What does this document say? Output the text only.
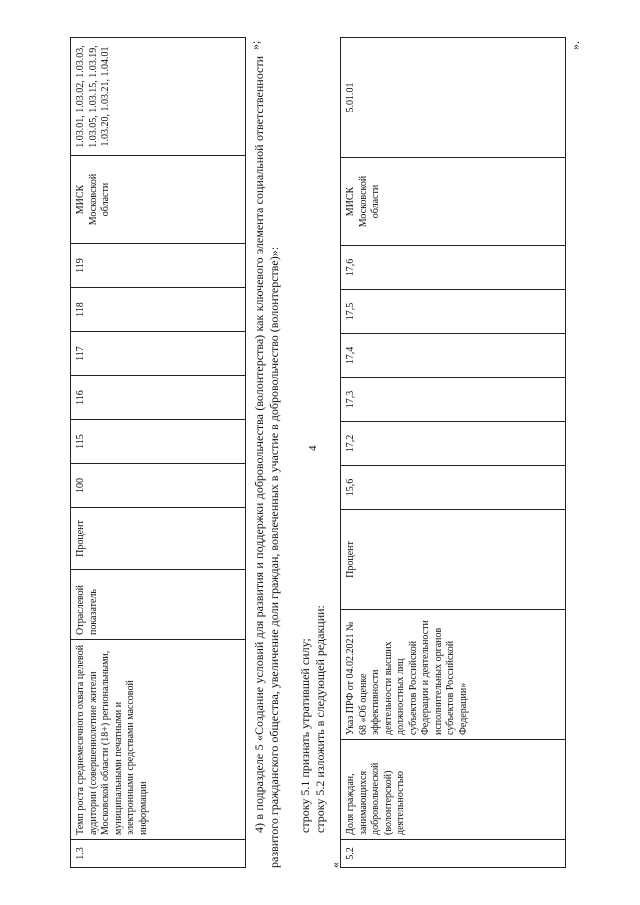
4
1.3	Темп роста среднемесячного охвата целевой аудитории (совершеннолетние жители Московской области (18+) региональными, муниципальными печатными и электронными средствами массовой информации	Отраслевой показатель	Процент	100	115	116	117	118	119	МИСК Московской области	1.03.01, 1.03.02, 1.03.03, 1.03.05, 1.03.15, 1.03.19, 1.03.20, 1.03.21, 1.04.01
»;
4) в подразделе 5 «Создание условий для развития и поддержки добровольчества (волонтерства) как ключевого элемента социальной ответственности развитого гражданского общества, увеличение доли граждан, вовлеченных в участие в добровольчество (волонтерстве)»: строку 5.1 признать утратившей силу; строку 5.2 изложить в следующей редакции:
«
5.2	Доля граждан, занимающихся добровольческой (волонтерской) деятельностью	Указ ПРФ от 04.02.2021 № 68 «Об оценке эффективности деятельности высших должностных лиц субъектов Российской Федерации и деятельности исполнительных органов субъектов Российской Федерации»	Процент	15,6	17,2	17,3	17,4	17,5	17,6	МИСК Московской области	5.01.01
».
